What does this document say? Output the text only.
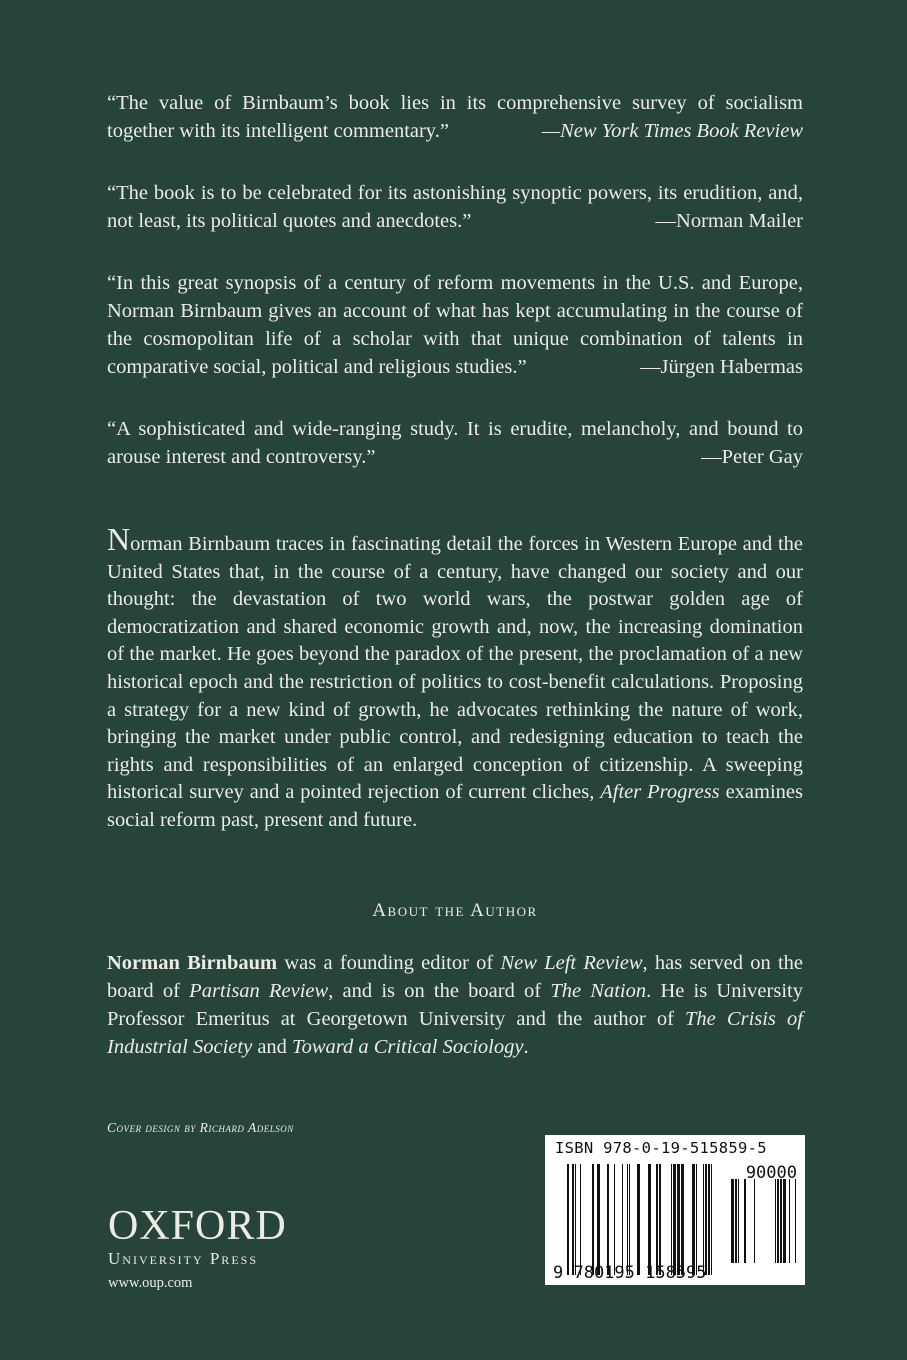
“The value of Birnbaum’s book lies in its comprehensive survey of socialism together with its intelligent commentary.”	—New York Times Book Review

“The book is to be celebrated for its astonishing synoptic powers, its erudition, and, not least, its political quotes and anecdotes.”	—Norman Mailer

“In this great synopsis of a century of reform movements in the U.S. and Europe, Norman Birnbaum gives an account of what has kept accumulating in the course of the cosmopolitan life of a scholar with that unique combination of talents in comparative social, political and religious studies.”	—Jürgen Habermas

“A sophisticated and wide-ranging study. It is erudite, melancholy, and bound to arouse interest and controversy.”	—Peter Gay

Norman Birnbaum traces in fascinating detail the forces in Western Europe and the United States that, in the course of a century, have changed our society and our thought: the devastation of two world wars, the postwar golden age of democratization and shared economic growth and, now, the increasing domination of the market. He goes beyond the paradox of the present, the proclamation of a new historical epoch and the restriction of politics to cost-benefit calculations. Proposing a strategy for a new kind of growth, he advocates rethinking the nature of work, bringing the market under public control, and redesigning education to teach the rights and responsibilities of an enlarged conception of citizenship. A sweeping historical survey and a pointed rejection of current cliches, After Progress examines social reform past, present and future.
About the Author
Norman Birnbaum was a founding editor of New Left Review, has served on the board of Partisan Review, and is on the board of The Nation. He is University Professor Emeritus at Georgetown University and the author of The Crisis of Industrial Society and Toward a Critical Sociology.
Cover design by Richard Adelson
OXFORD
University Press
www.oup.com
ISBN 978-0-19-515859-5
90000
9 780195 158595
